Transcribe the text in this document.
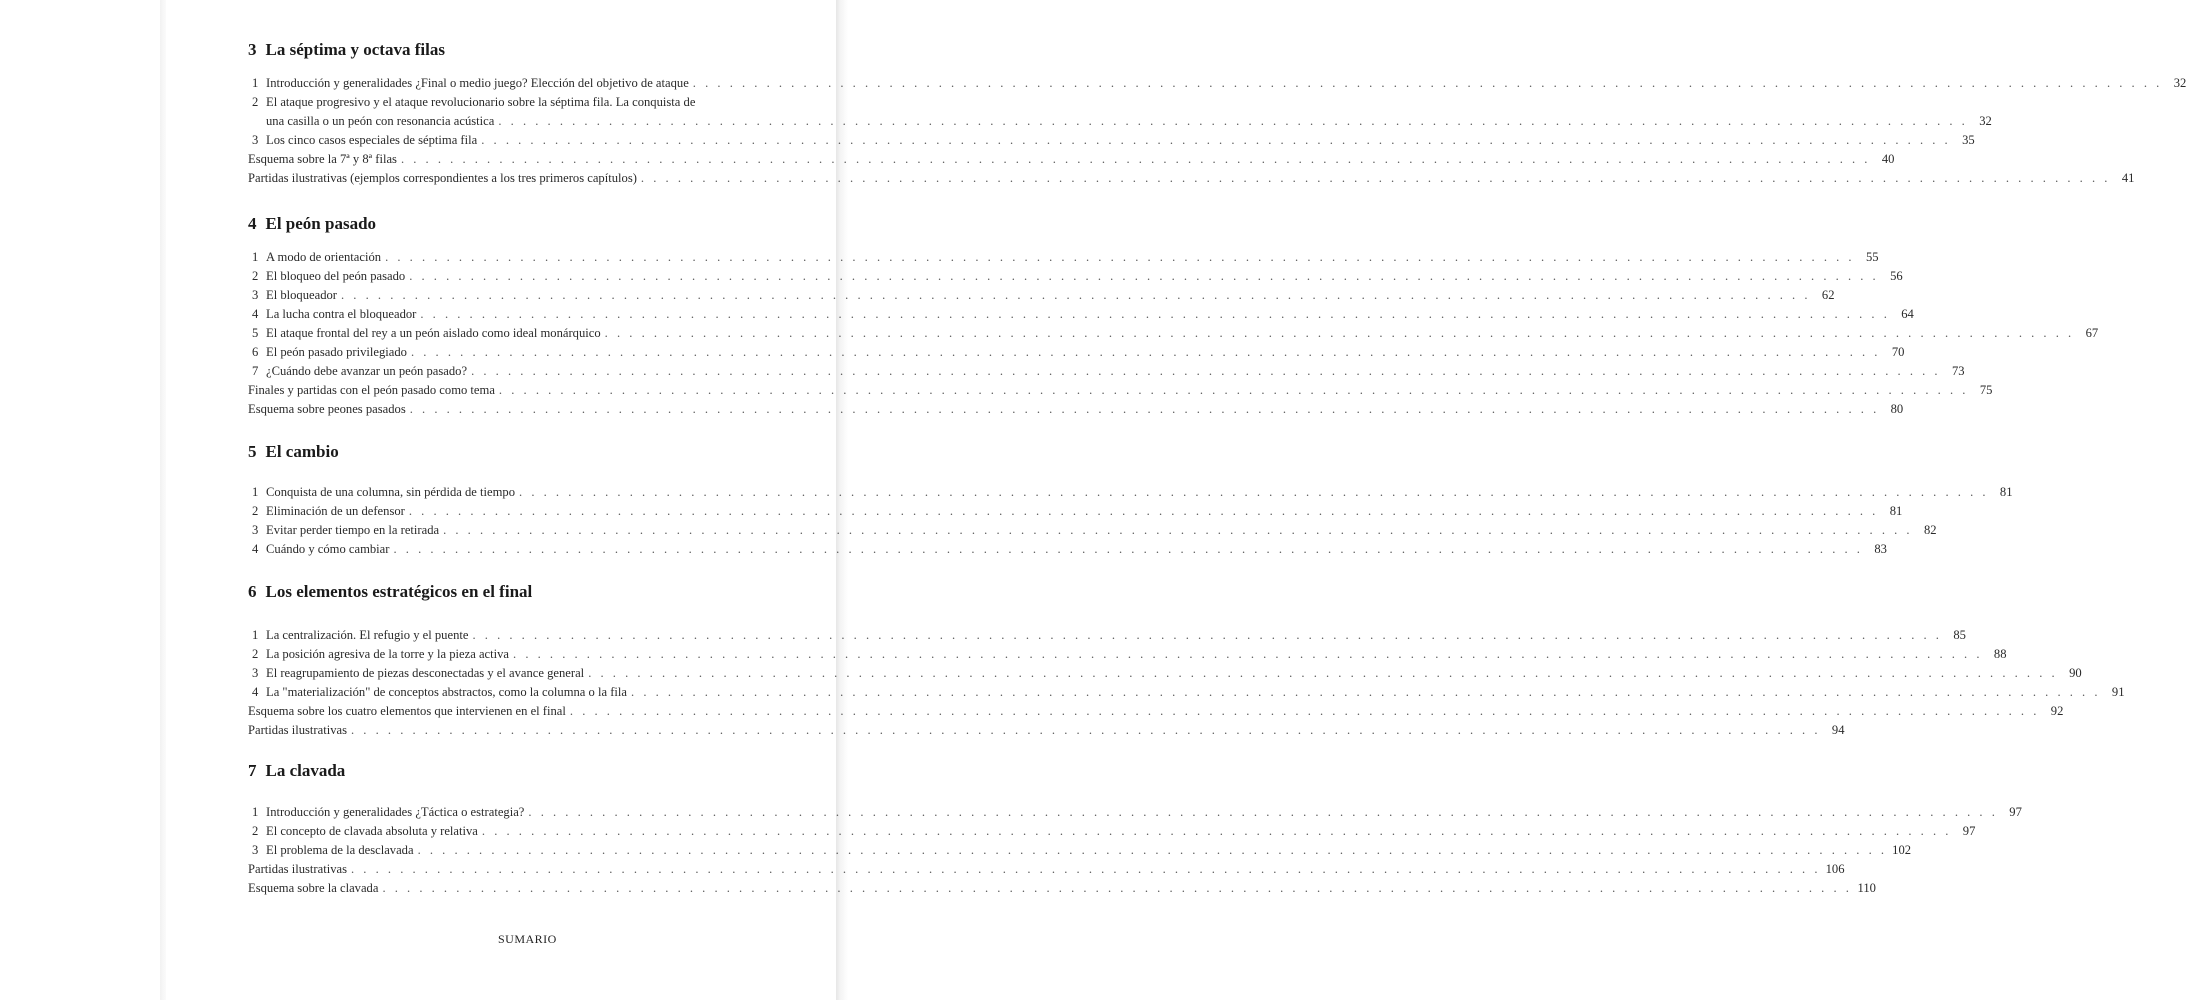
3 La séptima y octava filas
1 Introducción y generalidades ¿Final o medio juego? Elección del objetivo de ataque . . .	32
2 El ataque progresivo y el ataque revolucionario sobre la séptima fila. La conquista de
una casilla o un peón con resonancia acústica . . .	32
3 Los cinco casos especiales de séptima fila . . .	35
Esquema sobre la 7ª y 8ª filas . . .	40
Partidas ilustrativas (ejemplos correspondientes a los tres primeros capítulos) . . .	41
4 El peón pasado
1 A modo de orientación . . .	55
2 El bloqueo del peón pasado . . .	56
3 El bloqueador . . .	62
4 La lucha contra el bloqueador . . .	64
5 El ataque frontal del rey a un peón aislado como ideal monárquico . . .	67
6 El peón pasado privilegiado . . .	70
7 ¿Cuándo debe avanzar un peón pasado? . . .	73
Finales y partidas con el peón pasado como tema . . .	75
Esquema sobre peones pasados . . .	80
5 El cambio
1 Conquista de una columna, sin pérdida de tiempo . . .	81
2 Eliminación de un defensor . . .	81
3 Evitar perder tiempo en la retirada . . .	82
4 Cuándo y cómo cambiar . . .	83
6 Los elementos estratégicos en el final
1 La centralización. El refugio y el puente . . .	85
2 La posición agresiva de la torre y la pieza activa . . .	88
3 El reagrupamiento de piezas desconectadas y el avance general . . .	90
4 La "materialización" de conceptos abstractos, como la columna o la fila . . .	91
Esquema sobre los cuatro elementos que intervienen en el final . . .	92
Partidas ilustrativas . . .	94
7 La clavada
1 Introducción y generalidades ¿Táctica o estrategia? . . .	97
2 El concepto de clavada absoluta y relativa . . .	97
3 El problema de la desclavada . . .	102
Partidas ilustrativas . . .	106
Esquema sobre la clavada . . .	110
SUMARIO
